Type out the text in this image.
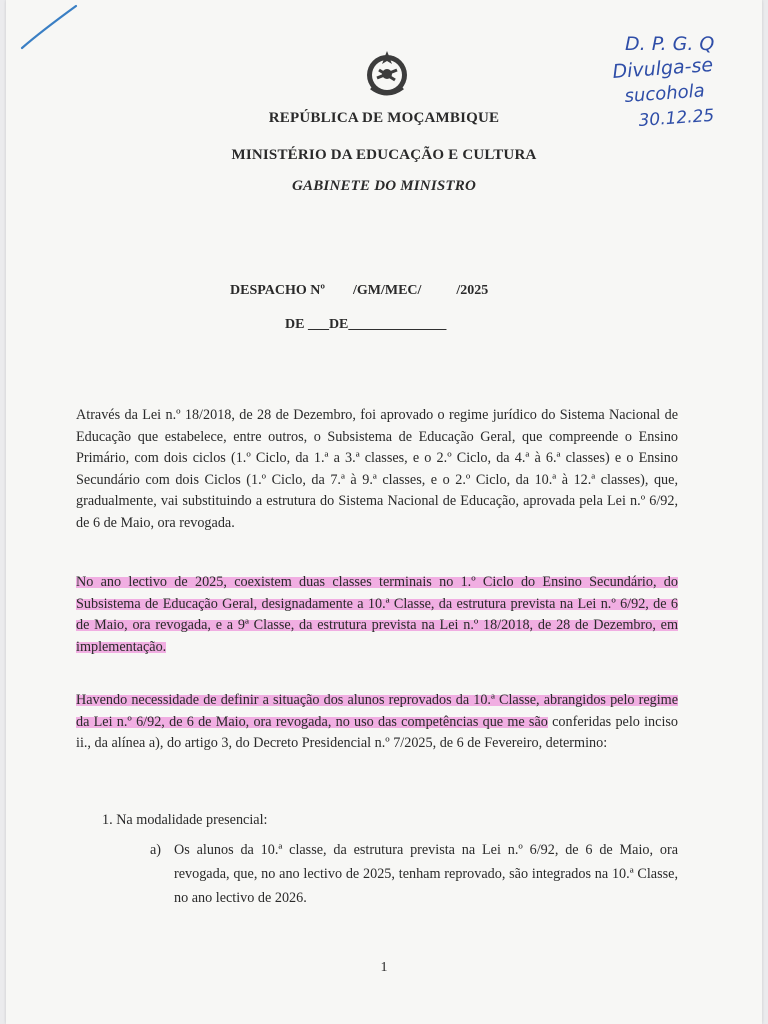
D. P. G. Q
Divulga-se
sucohola
30.12.25
REPÚBLICA DE MOÇAMBIQUE
MINISTÉRIO DA EDUCAÇÃO E CULTURA
GABINETE DO MINISTRO
DESPACHO Nº        /GM/MEC/          /2025
DE ___DE______________
Através da Lei n.º 18/2018, de 28 de Dezembro, foi aprovado o regime jurídico do Sistema Nacional de Educação que estabelece, entre outros, o Subsistema de Educação Geral, que compreende o Ensino Primário, com dois ciclos (1.º Ciclo, da 1.ª a 3.ª classes, e o 2.º Ciclo, da 4.ª à 6.ª classes) e o Ensino Secundário com dois Ciclos (1.º Ciclo, da 7.ª à 9.ª classes, e o 2.º Ciclo, da 10.ª à 12.ª classes), que, gradualmente, vai substituindo a estrutura do Sistema Nacional de Educação, aprovada pela Lei n.º 6/92, de 6 de Maio, ora revogada.
No ano lectivo de 2025, coexistem duas classes terminais no 1.º Ciclo do Ensino Secundário, do Subsistema de Educação Geral, designadamente a 10.ª Classe, da estrutura prevista na Lei n.º 6/92, de 6 de Maio, ora revogada, e a 9ª Classe, da estrutura prevista na Lei n.º 18/2018, de 28 de Dezembro, em implementação.
Havendo necessidade de definir a situação dos alunos reprovados da 10.ª Classe, abrangidos pelo regime da Lei n.º 6/92, de 6 de Maio, ora revogada, no uso das competências que me são conferidas pelo inciso ii., da alínea a), do artigo 3, do Decreto Presidencial n.º 7/2025, de 6 de Fevereiro, determino:
1. Na modalidade presencial:
a) Os alunos da 10.ª classe, da estrutura prevista na Lei n.º 6/92, de 6 de Maio, ora revogada, que, no ano lectivo de 2025, tenham reprovado, são integrados na 10.ª Classe, no ano lectivo de 2026.
1
